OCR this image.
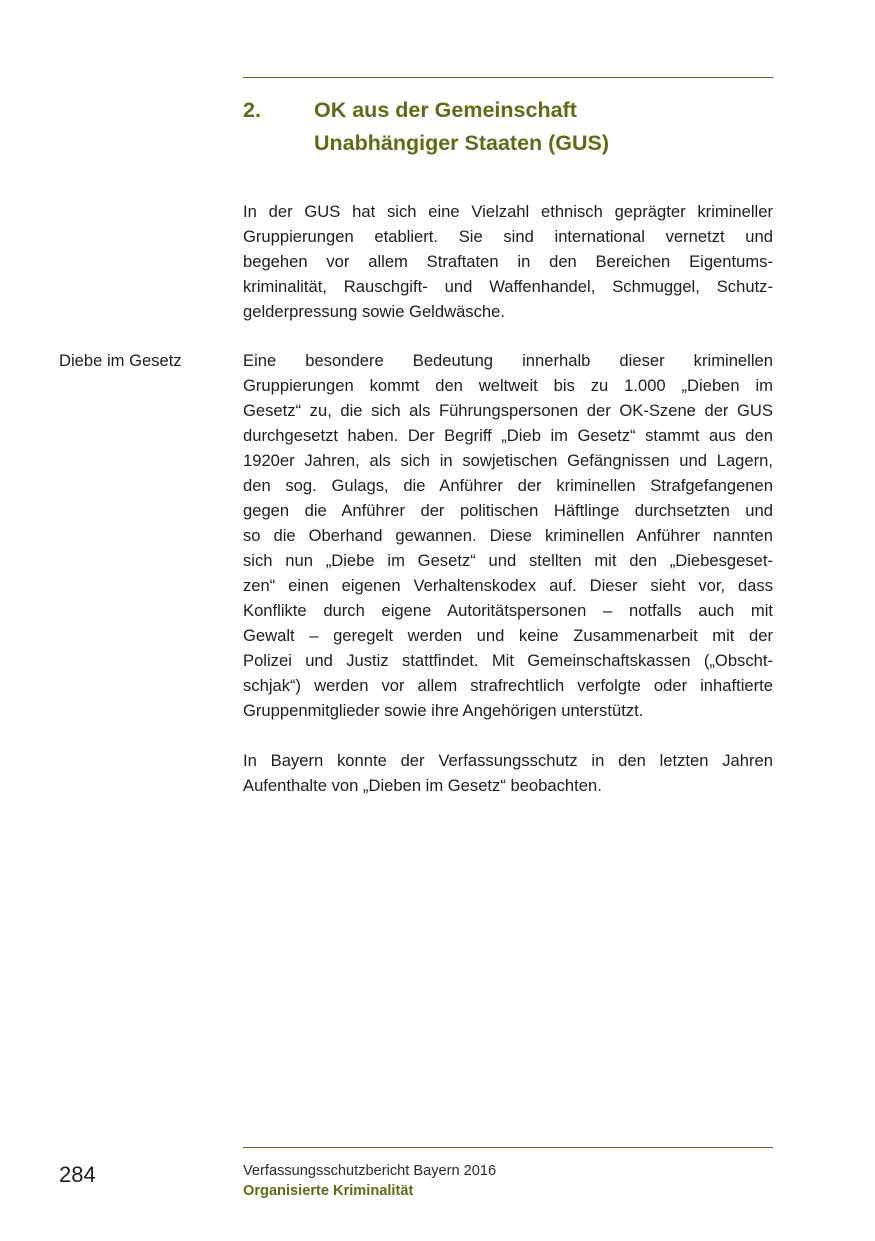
2. OK aus der Gemeinschaft
Unabhängiger Staaten (GUS)
In der GUS hat sich eine Vielzahl ethnisch geprägter krimineller
Gruppierungen etabliert. Sie sind international vernetzt und
begehen vor allem Straftaten in den Bereichen Eigentums-
kriminalität, Rauschgift- und Waffenhandel, Schmuggel, Schutz-
gelderpressung sowie Geldwäsche.
Diebe im Gesetz	Eine besondere Bedeutung innerhalb dieser kriminellen
Gruppierungen kommt den weltweit bis zu 1.000 „Dieben im
Gesetz“ zu, die sich als Führungspersonen der OK-Szene der GUS
durchgesetzt haben. Der Begriff „Dieb im Gesetz“ stammt aus den
1920er Jahren, als sich in sowjetischen Gefängnissen und Lagern,
den sog. Gulags, die Anführer der kriminellen Strafgefangenen
gegen die Anführer der politischen Häftlinge durchsetzten und
so die Oberhand gewannen. Diese kriminellen Anführer nannten
sich nun „Diebe im Gesetz“ und stellten mit den „Diebesgeset-
zen“ einen eigenen Verhaltenskodex auf. Dieser sieht vor, dass
Konflikte durch eigene Autoritätspersonen – notfalls auch mit
Gewalt – geregelt werden und keine Zusammenarbeit mit der
Polizei und Justiz stattfindet. Mit Gemeinschaftskassen („Obscht-
schjak“) werden vor allem strafrechtlich verfolgte oder inhaftierte
Gruppenmitglieder sowie ihre Angehörigen unterstützt.
In Bayern konnte der Verfassungsschutz in den letzten Jahren
Aufenthalte von „Dieben im Gesetz“ beobachten.
284	Verfassungsschutzbericht Bayern 2016
Organisierte Kriminalität
